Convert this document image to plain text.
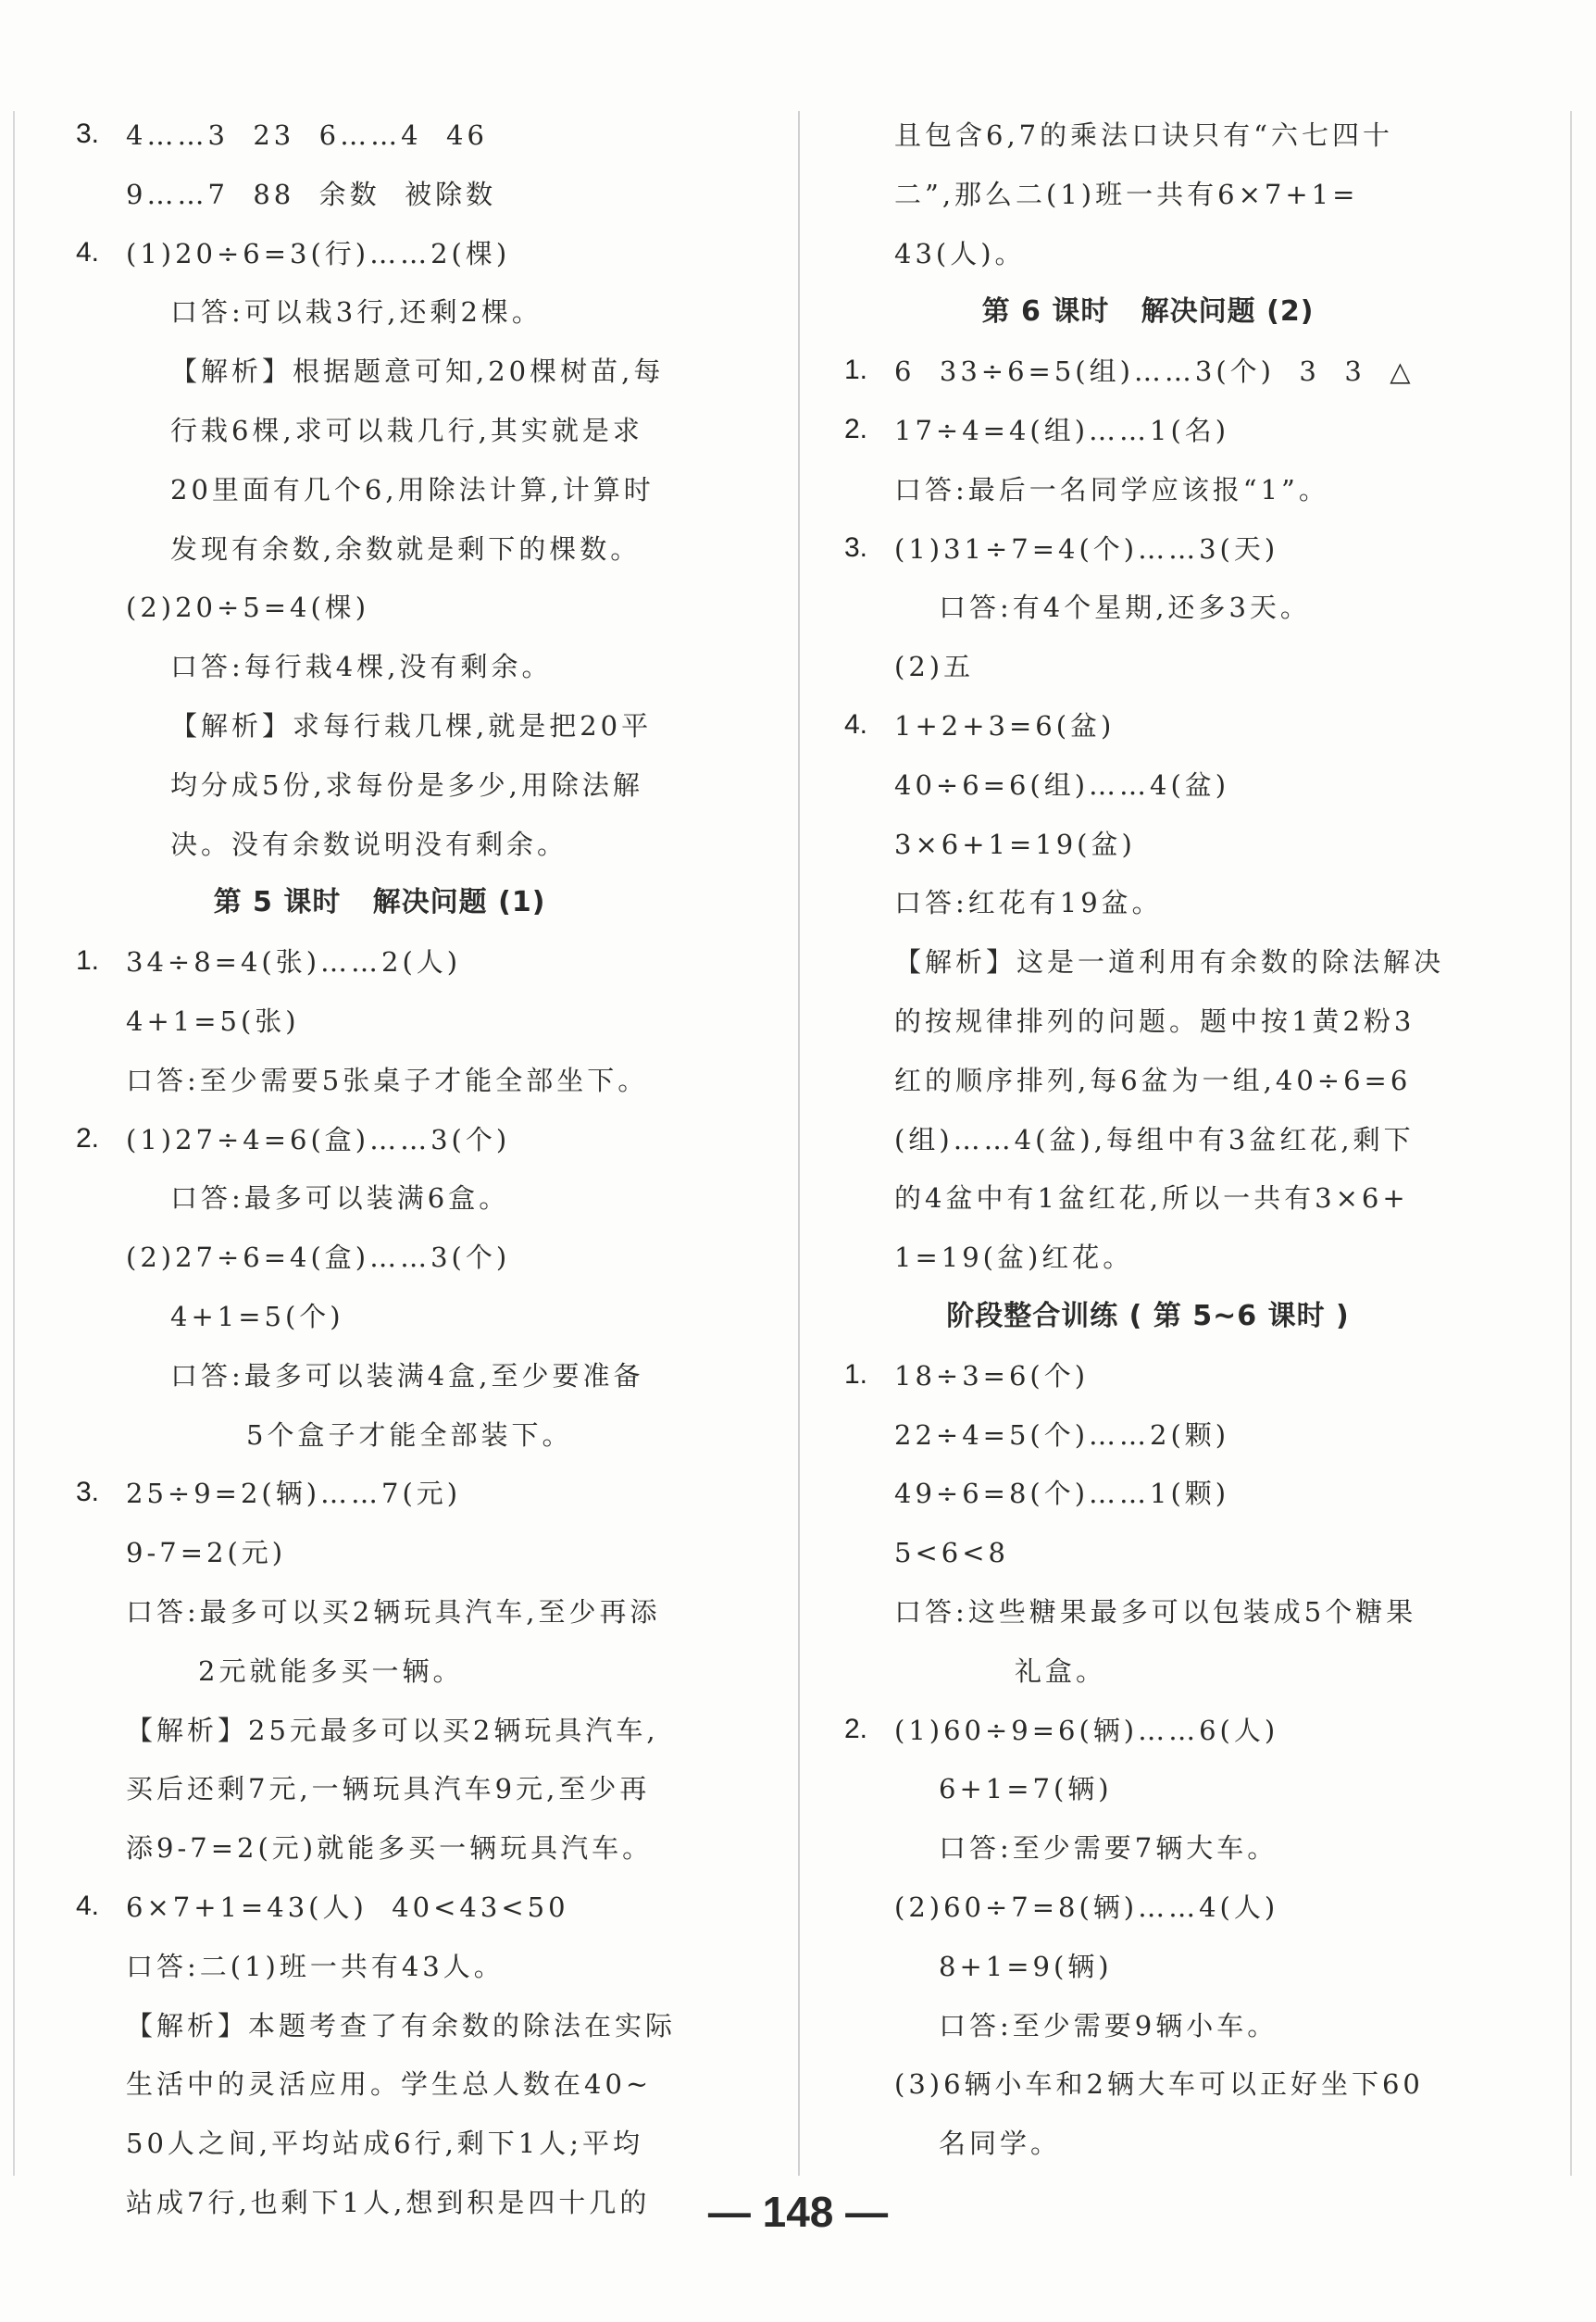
3. 4……3  23  6……4  46
9……7  88  余数  被除数
4. (1)20÷6=3(行)……2(棵)
口答:可以栽3行,还剩2棵。
【解析】根据题意可知,20棵树苗,每
行栽6棵,求可以栽几行,其实就是求
20里面有几个6,用除法计算,计算时
发现有余数,余数就是剩下的棵数。
(2)20÷5=4(棵)
口答:每行栽4棵,没有剩余。
【解析】求每行栽几棵,就是把20平
均分成5份,求每份是多少,用除法解
决。没有余数说明没有剩余。
第 5 课时   解决问题 (1)
1. 34÷8=4(张)……2(人)
4+1=5(张)
口答:至少需要5张桌子才能全部坐下。
2. (1)27÷4=6(盒)……3(个)
口答:最多可以装满6盒。
(2)27÷6=4(盒)……3(个)
4+1=5(个)
口答:最多可以装满4盒,至少要准备
5个盒子才能全部装下。
3. 25÷9=2(辆)……7(元)
9-7=2(元)
口答:最多可以买2辆玩具汽车,至少再添
2元就能多买一辆。
【解析】25元最多可以买2辆玩具汽车,
买后还剩7元,一辆玩具汽车9元,至少再
添9-7=2(元)就能多买一辆玩具汽车。
4. 6×7+1=43(人)  40<43<50
口答:二(1)班一共有43人。
【解析】本题考查了有余数的除法在实际
生活中的灵活应用。学生总人数在40~
50人之间,平均站成6行,剩下1人;平均
站成7行,也剩下1人,想到积是四十几的
且包含6,7的乘法口诀只有“六七四十
二”,那么二(1)班一共有6×7+1=
43(人)。
第 6 课时   解决问题 (2)
1. 6  33÷6=5(组)……3(个)  3  3  △
2. 17÷4=4(组)……1(名)
口答:最后一名同学应该报“1”。
3. (1)31÷7=4(个)……3(天)
口答:有4个星期,还多3天。
(2)五
4. 1+2+3=6(盆)
40÷6=6(组)……4(盆)
3×6+1=19(盆)
口答:红花有19盆。
【解析】这是一道利用有余数的除法解决
的按规律排列的问题。题中按1黄2粉3
红的顺序排列,每6盆为一组,40÷6=6
(组)……4(盆),每组中有3盆红花,剩下
的4盆中有1盆红花,所以一共有3×6+
1=19(盆)红花。
阶段整合训练 ( 第 5~6 课时 )
1. 18÷3=6(个)
22÷4=5(个)……2(颗)
49÷6=8(个)……1(颗)
5<6<8
口答:这些糖果最多可以包装成5个糖果
礼盒。
2. (1)60÷9=6(辆)……6(人)
6+1=7(辆)
口答:至少需要7辆大车。
(2)60÷7=8(辆)……4(人)
8+1=9(辆)
口答:至少需要9辆小车。
(3)6辆小车和2辆大车可以正好坐下60
名同学。
— 148 —
